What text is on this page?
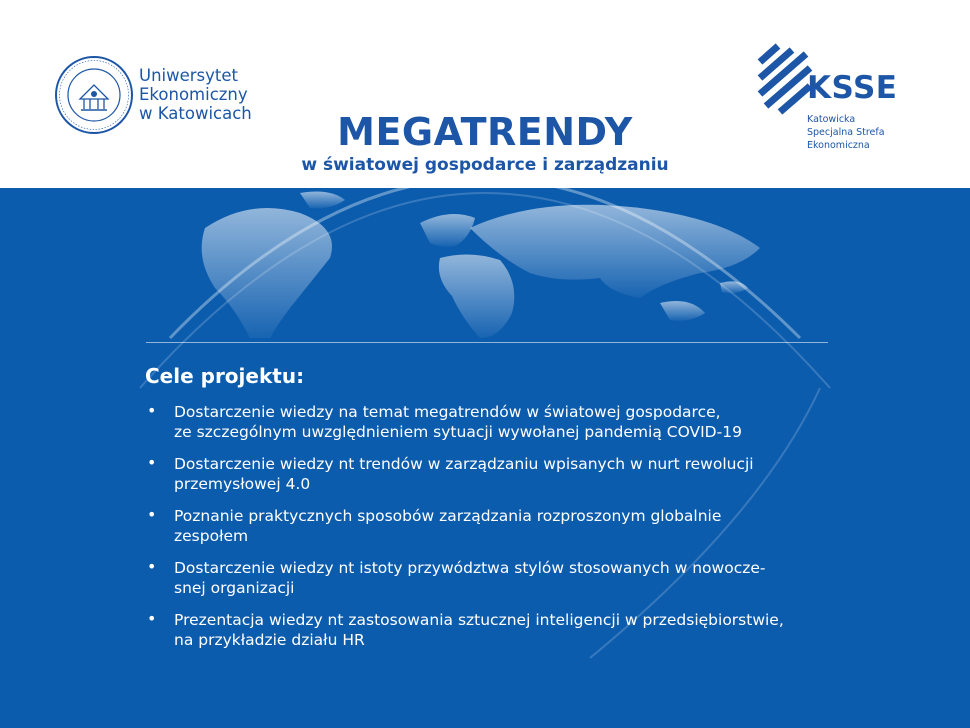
Uniwersytet
Ekonomiczny
w Katowicach
KSSE
Katowicka
Specjalna Strefa
Ekonomiczna
MEGATRENDY
w światowej gospodarce i zarządzaniu
Cele projektu:
• Dostarczenie wiedzy na temat megatrendów w światowej gospodarce,
ze szczególnym uwzględnieniem sytuacji wywołanej pandemią COVID-19
• Dostarczenie wiedzy nt trendów w zarządzaniu wpisanych w nurt rewolucji
przemysłowej 4.0
• Poznanie praktycznych sposobów zarządzania rozproszonym globalnie
zespołem
• Dostarczenie wiedzy nt istoty przywództwa stylów stosowanych w nowocze-
snej organizacji
• Prezentacja wiedzy nt zastosowania sztucznej inteligencji w przedsiębiorstwie,
na przykładzie działu HR
